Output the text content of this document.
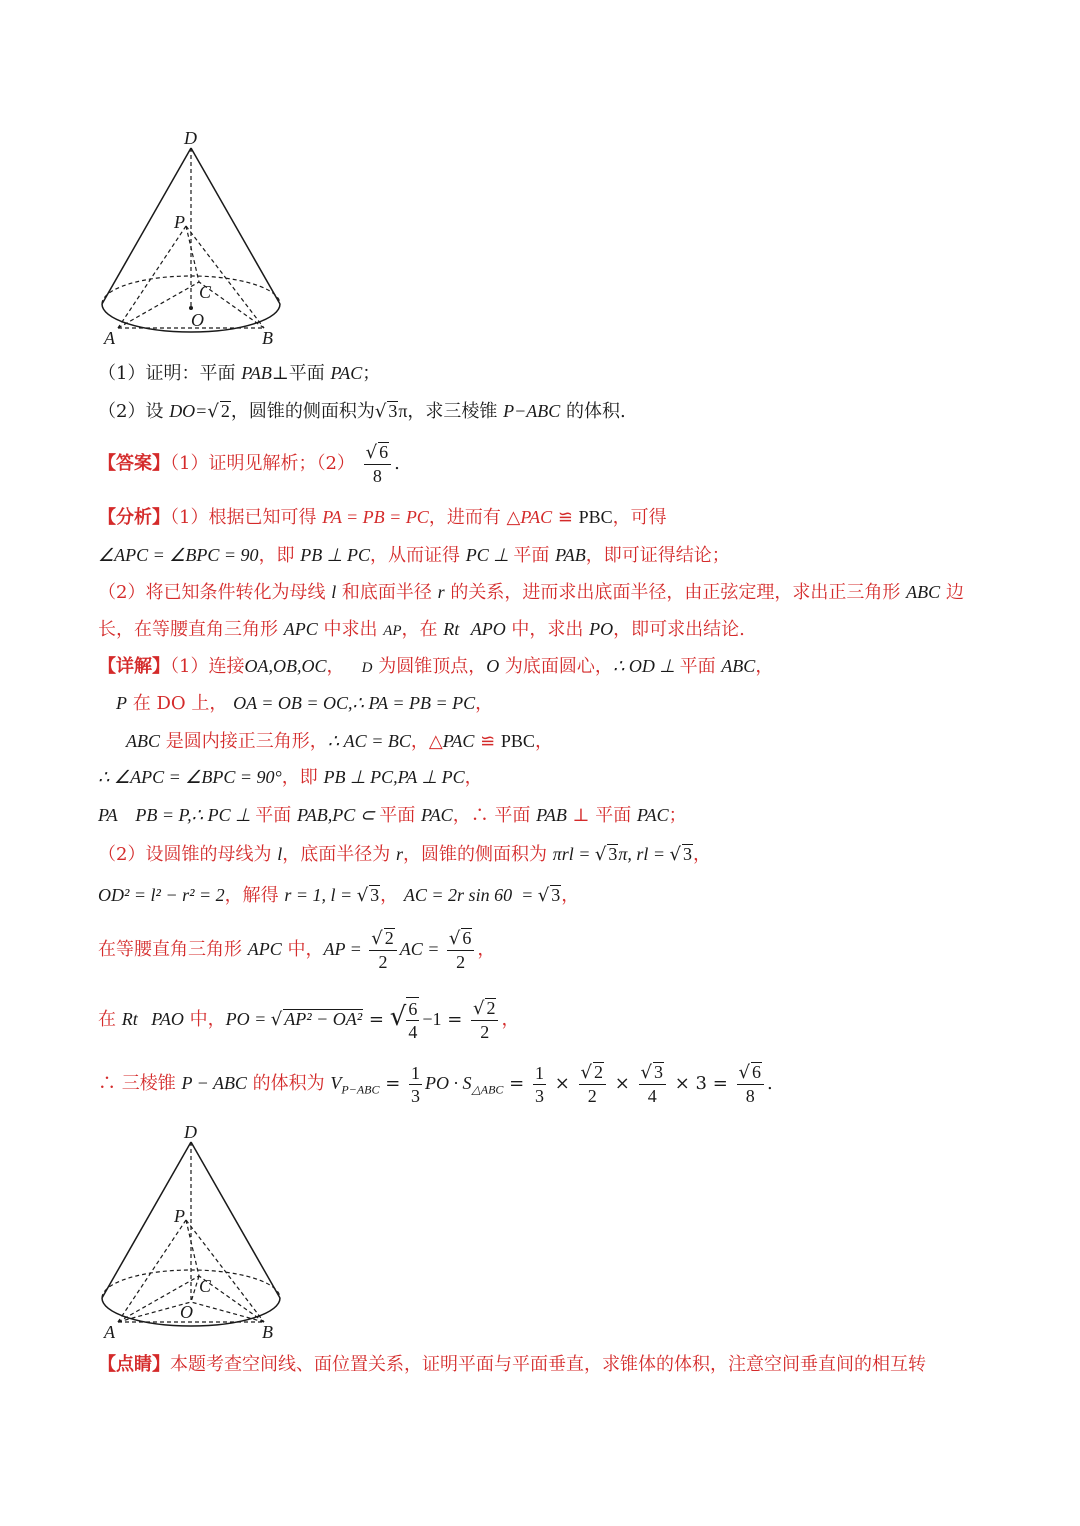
D
P
C
O
A	B
（1）证明：平面 PAB⊥平面 PAC；
（2）设 DO=√ 2，圆锥的侧面积为√ 3π，求三棱锥 P−ABC 的体积.
【答案】（1）证明见解析；$(2) \frac{√ 6}{8}$ .
【分析】（1）根据已知可得 PA = PB = PC，进而有 △PAC ≌ PBC，可得
∠APC = ∠BPC = 90，即 PB ⊥ PC，从而证得 PC ⊥ 平面 PAB，即可证得结论；
（2）将已知条件转化为母线 l 和底面半径 r 的关系，进而求出底面半径，由正弦定理，求出正三角形 ABC 边
长，在等腰直角三角形 APC 中求出 AP，在 Rt APO 中，求出 PO，即可求出结论.
【详解】（1）连接OA,OB,OC， D 为圆锥顶点，O 为底面圆心，∴ OD ⊥ 平面 ABC，
P 在 DO 上， OA = OB = OC,∴ PA = PB = PC，
ABC 是圆内接正三角形，∴ AC = BC，△PAC ≌ PBC，
∴ ∠APC = ∠BPC = 90°，即 PB ⊥ PC,PA ⊥ PC，
PA    PB = P,∴ PC ⊥ 平面 PAB,PC ⊂ 平面 PAC，∴ 平面 PAB ⊥ 平面 PAC；
（2）设圆锥的母线为 l，底面半径为 r，圆锥的侧面积为 πrl = √ 3π, rl = √ 3，
OD² = l² − r² = 2，解得 r = 1, l = √ 3， AC = 2r sin 60  = √ 3，
在等腰直角三角形 APC 中，AP = $\frac{√ 2}{2}$ AC = $\frac{√ 6}{2}$ ，
在 Rt   PAO 中，PO = √ AP² − OA² = √ $\frac{6}{4} -1 = \frac{√ 2}{2}$ ，
∴ 三棱锥 P − ABC 的体积为 $V_{P-ABC} = \frac{1}{3}$ PO · $S_{\triangle ABC} = \frac{1}{3} \times \frac{√ 2}{2} \times \frac{√ 3}{4} \times 3 = \frac{√ 6}{8}$ .
D
P
C
O
A	B
【点睛】本题考查空间线、面位置关系，证明平面与平面垂直，求锥体的体积，注意空间垂直间的相互转
